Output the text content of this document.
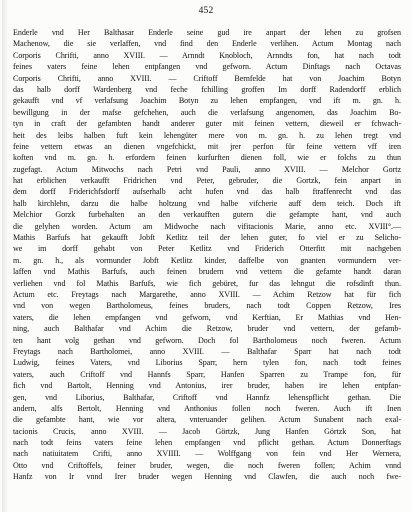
452
Enderle vnd Her Balthasar Enderle seine gud ire anpart der lehen zu grofsen
Machenow, die sie verlaffen, vnd find den Enderle verlihen. Actum Montag nach
Corporis Chrifti, anno XVIII. — Arnndt Knobloch, Arnndts fon, hat nach todt
feines vaters feine lehen entpfangen vnd gefworn. Actum Dinftags nach Octavas
Corporis Chrifti, anno XVIII. — Criftoff Bernfelde hat von Joachim Botyn
das halb dorff Wardenberg vnd feche fchilling groffen Im dorff Radendorff erblich
gekaufft vnd vf verlafsung Joachim Botyn zu lehen empfangen, vnd ift m. gn. h.
bewillgung in der mafse gefchehen, auch die verlafsung angenomen, das Joachim Bo-
tyn in craft der gefambten handt anderer guter mit feinen vettern, dieweil er fchwach-
heit des leibs halben fuft kein lehengüter mere von m. gn. h. zu lehen tregt vnd
feine vettern etwas an dienen vngefchickt, mit jrer perfon für feine vettern vff iren
koften vnd m. gn. h. erfordern feinen kurfurften dienen foll, wie er folchs zu thun
zugefagt. Actum Mitwochs nach Petri vnd Pauli, anno XVIII. — Melchor Gortz
hat erblichen verkaufft Fridrichen vnd Peter, gebruder, die Gortzk, fein anpart in
dem dorff Friderichfsdorff aufserhalb acht hufen vnd das halb ftraffenrecht vnd das
halb kirchlehn, darzu die halbe holtzung vnd halbe vifcherie auff dem teich. Doch ift
Melchior Gorzk furbehalten an den verkaufften gutern die gefampte hant, vnd auch
die gelyhen worden. Actum am Midwoche nach vifitacionis Marie, anno etc. XVIII°.—
Mathis Barfufs hat gekaufft Jobft Ketlitz teil der lehen guter, fo viel er zu Selicho-
we im dorff gehabt von Peter Ketlitz vnd Friderich Otterfitt mit nachgeben
m. gn. h., als vormunder Jobft Ketlitz kinder, daffelbe von gnanten vormundern ver-
laffen vnd Mathis Barfufs, auch feinen brudern vnd vettern die gefamte handt daran
verliehen vnd fol Mathis Barfufs, wie fich gebüret, fur das lehngut die rofsdinft thun.
Actum etc. Freytags nach Margarethe, anno XVIII. — Achim Retzow hat für fich
vnd von wegen Bartholomeus, feines bruders, nach todt Coppen Retzow, Ires
vaters, die lehen empfangen vnd gefworn, vnd Kerftian, Er Mathias vnd Hen-
ning, auch Balthafar vnd Achim die Retzow, bruder vnd vettern, der gefamb-
ten hant volg gethan vnd gefworn. Doch fol Bartholomeus noch fweren. Actum
Freytags nach Bartholomei, anno XVIII. — Balthafar Sparr hat nach todt
Ludwig, feines Vaters, vnd Liborius Sparr, hern tylen fon, nach todt feines
vaters, auch Criftoff vnd Hannfs Sparr, Hanfen Sparren zu Trampe fon, für
fich vnd Bartolt, Henning vnd Antonius, irer bruder, haben ire lehen entpfan-
gen, vnd Liborius, Balthafar, Criftoff vnd Hannfz lehenspflicht gethan. Die
andern, alfs Bertolt, Henning vnd Anthonius follen noch fweren. Auch ift Inen
die gefambte hant, wie vor altera, vnteruander gelihen. Actum Sunabent nach exal-
tacionis Crucis, anno XVIII. — Jacob Görtzk, Jung Hanfen Görtzk Son, hat
nach todt feins vaters feine lehen empfangen vnd pflicht gethan. Actum Donnerftags
nach natiuitatem Crifti, anno XVIIII. — Wolffgang von fein vnd Her Wernera,
Otto vnd Criftoffels, feiner bruder, wegen, die noch fweren follen; Achim vnnd
Hanfz von Ir vnnd Irer bruder wegen Henning vnd Clawfen, die auch noch fwe-
